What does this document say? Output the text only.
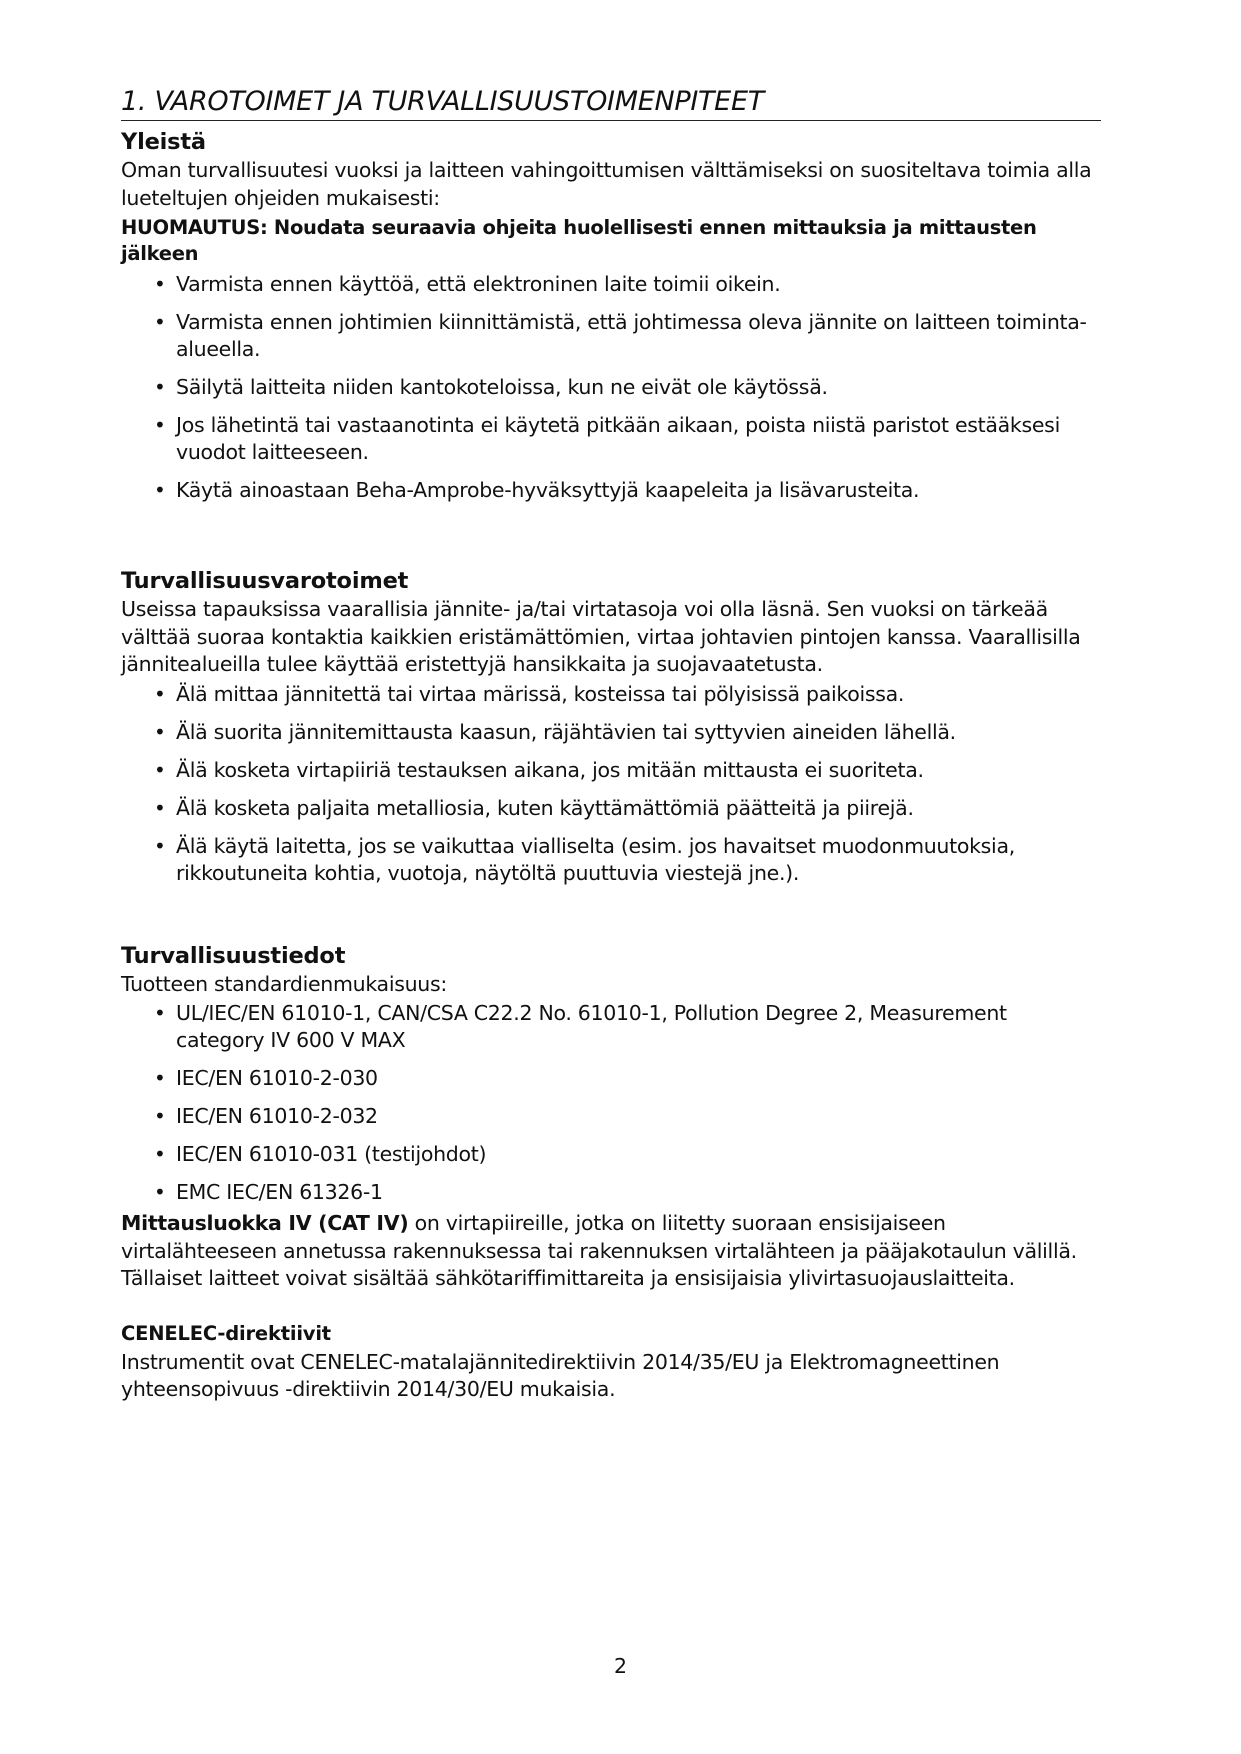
1. VAROTOIMET JA TURVALLISUUSTOIMENPITEET
Yleistä

Oman turvallisuutesi vuoksi ja laitteen vahingoittumisen välttämiseksi on suositeltava toimia alla lueteltujen ohjeiden mukaisesti:

HUOMAUTUS: Noudata seuraavia ohjeita huolellisesti ennen mittauksia ja mittausten jälkeen
• Varmista ennen käyttöä, että elektroninen laite toimii oikein.
• Varmista ennen johtimien kiinnittämistä, että johtimessa oleva jännite on laitteen toiminta-alueella.
• Säilytä laitteita niiden kantokoteloissa, kun ne eivät ole käytössä.
• Jos lähetintä tai vastaanotinta ei käytetä pitkään aikaan, poista niistä paristot estääksesi vuodot laitteeseen.
• Käytä ainoastaan Beha-Amprobe-hyväksyttyjä kaapeleita ja lisävarusteita.
Turvallisuusvarotoimet

Useissa tapauksissa vaarallisia jännite- ja/tai virtatasoja voi olla läsnä. Sen vuoksi on tärkeää välttää suoraa kontaktia kaikkien eristämättömien, virtaa johtavien pintojen kanssa. Vaarallisilla jännitealueilla tulee käyttää eristettyjä hansikkaita ja suojavaatetusta.

• Älä mittaa jännitettä tai virtaa märissä, kosteissa tai pölyisissä paikoissa.
• Älä suorita jännitemittausta kaasun, räjähtävien tai syttyvien aineiden lähellä.
• Älä kosketa virtapiiriä testauksen aikana, jos mitään mittausta ei suoriteta.
• Älä kosketa paljaita metalliosia, kuten käyttämättömiä päätteitä ja piirejä.
• Älä käytä laitetta, jos se vaikuttaa vialliselta (esim. jos havaitset muodonmuutoksia, rikkoutuneita kohtia, vuotoja, näytöltä puuttuvia viestejä jne.).
Turvallisuustiedot

Tuotteen standardienmukaisuus:

• UL/IEC/EN 61010-1, CAN/CSA C22.2 No. 61010-1, Pollution Degree 2, Measurement category IV 600 V MAX
• IEC/EN 61010-2-030
• IEC/EN 61010-2-032
• IEC/EN 61010-031 (testijohdot)
• EMC IEC/EN 61326-1

Mittausluokka IV (CAT IV) on virtapiireille, jotka on liitetty suoraan ensisijaiseen virtalähteeseen annetussa rakennuksessa tai rakennuksen virtalähteen ja pääjakotaulun välillä. Tällaiset laitteet voivat sisältää sähkötariffimittareita ja ensisijaisia ylivirtasuojauslaitteita.

CENELEC-direktiivit

Instrumentit ovat CENELEC-matalajännitedirektiivin 2014/35/EU ja Elektromagneettinen yhteensopivuus -direktiivin 2014/30/EU mukaisia.

2
